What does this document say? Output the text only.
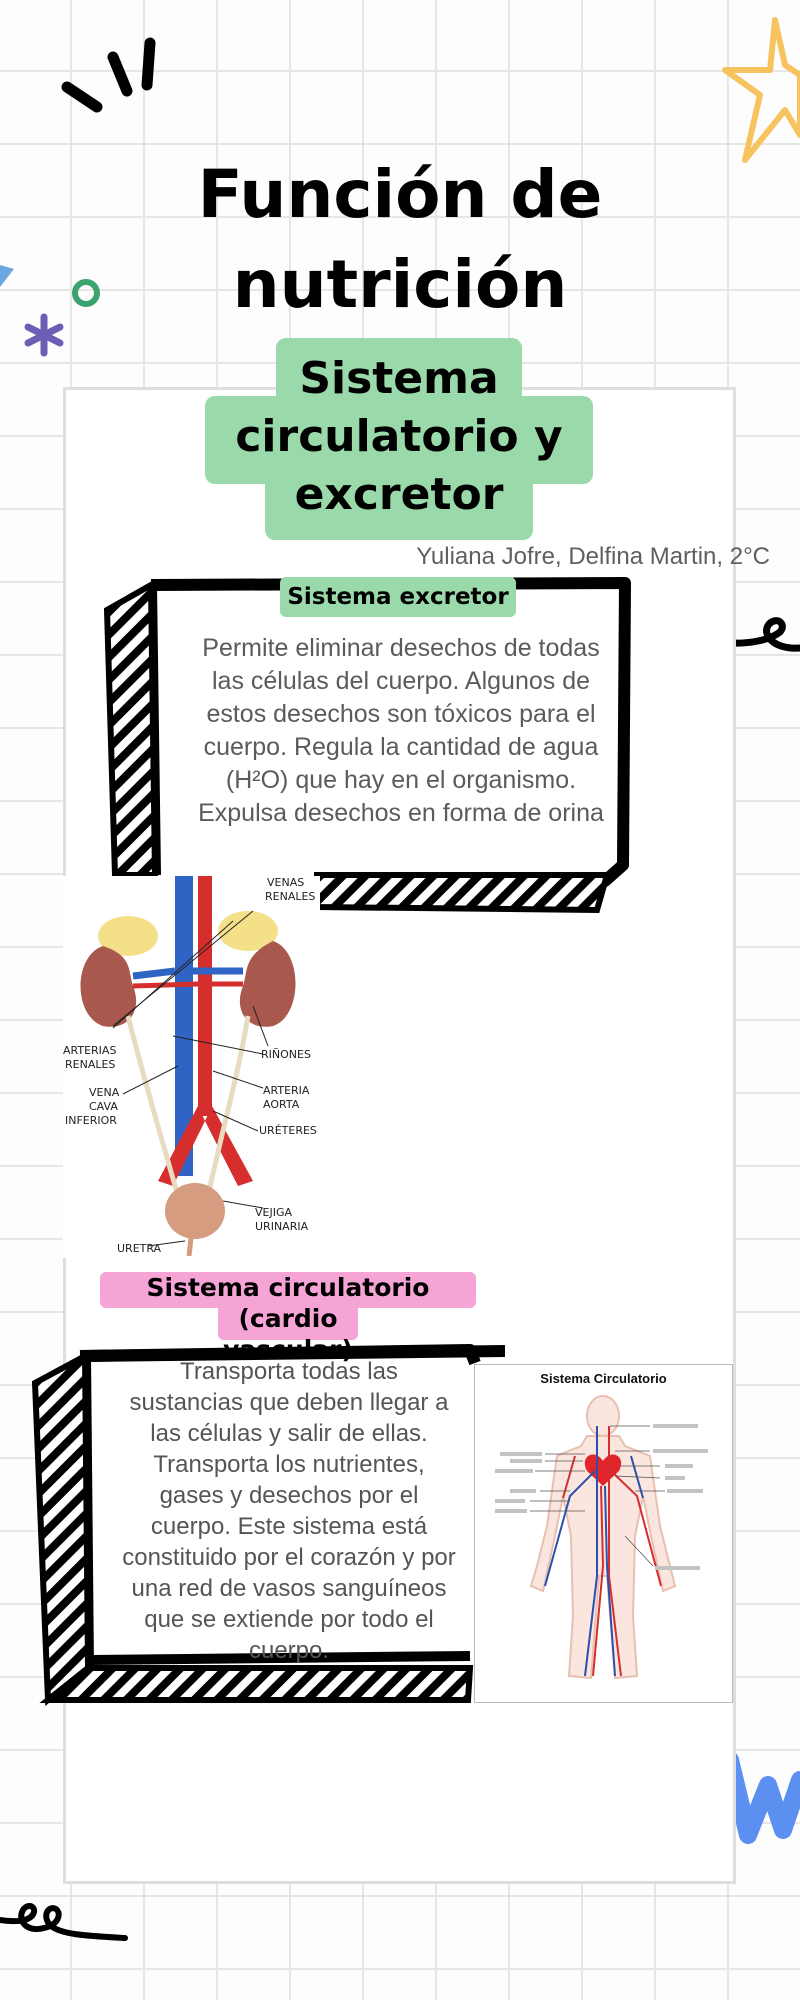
Función de
nutrición
Sistema
circulatorio y
excretor
Yuliana Jofre, Delfina Martin, 2°C
Sistema excretor
Permite eliminar desechos de todas las células del cuerpo. Algunos de estos desechos son tóxicos para el cuerpo. Regula la cantidad de agua (H²O) que hay en el organismo. Expulsa desechos en forma de orina
VENAS
RENALES
ARTERIAS
RENALES
RIÑONES
VENA
CAVA
INFERIOR
ARTERIA
AORTA
URÉTERES
VEJIGA
URINARIA
URETRA
Sistema circulatorio (cardio
vascular)
Transporta todas las sustancias que deben llegar a las células y salir de ellas. Transporta los nutrientes, gases y desechos por el cuerpo. Este sistema está constituido por el corazón y por una red de vasos sanguíneos que se extiende por todo el cuerpo.
Sistema Circulatorio
